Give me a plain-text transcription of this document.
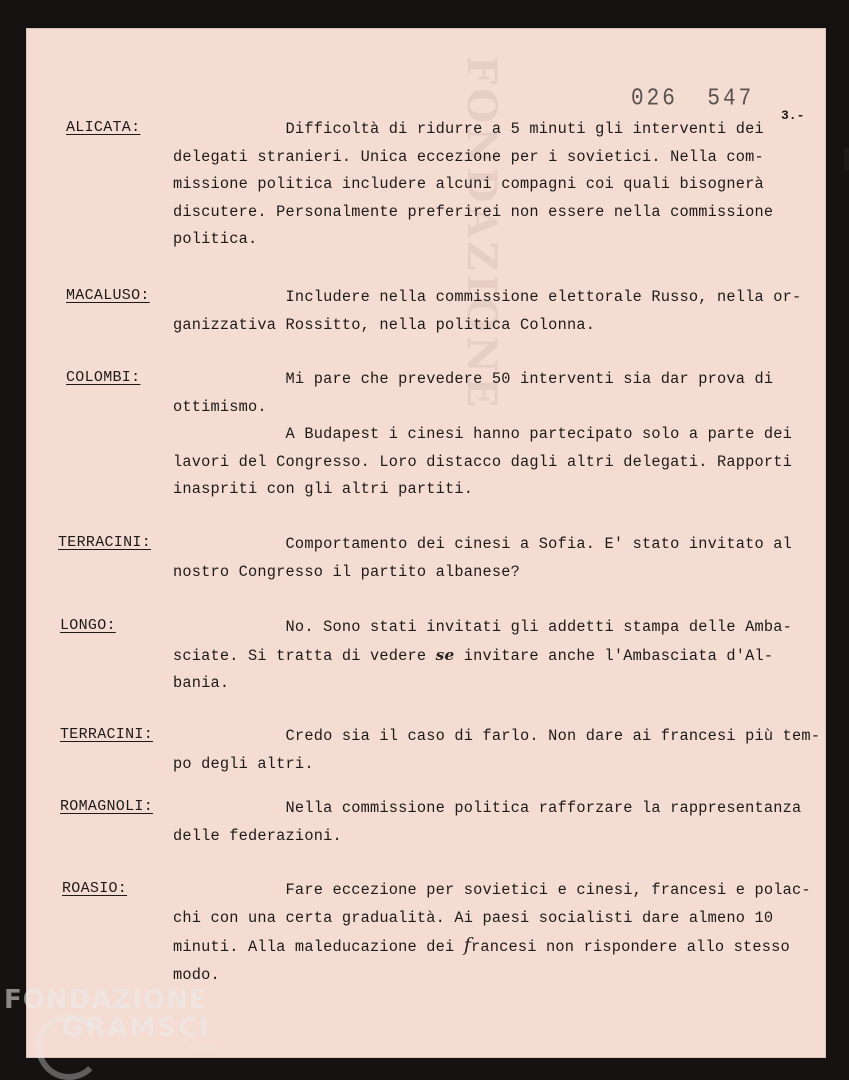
FONDAZIONE	026 547
3.-
ALICATA:	Difficoltà di ridurre a 5 minuti gli interventi dei
delegati stranieri. Unica eccezione per i sovietici. Nella com-
missione politica includere alcuni compagni coi quali bisognerà
discutere. Personalmente preferirei non essere nella commissione
politica.

MACALUSO:	Includere nella commissione elettorale Russo, nella or-
ganizzativa Rossitto, nella politica Colonna.

COLOMBI:	Mi pare che prevedere 50 interventi sia dar prova di
ottimismo.

A Budapest i cinesi hanno partecipato solo a parte dei
lavori del Congresso. Loro distacco dagli altri delegati. Rapporti
inaspriti con gli altri partiti.

TERRACINI:	Comportamento dei cinesi a Sofia. E' stato invitato al
nostro Congresso il partito albanese?

LONGO:	No. Sono stati invitati gli addetti stampa delle Amba-
sciate. Si tratta di vedere se invitare anche l'Ambasciata d'Al-
bania.

TERRACINI:	Credo sia il caso di farlo. Non dare ai francesi più tem-
po degli altri.

ROMAGNOLI:	Nella commissione politica rafforzare la rappresentanza
delle federazioni.

ROASIO:	Fare eccezione per sovietici e cinesi, francesi e polac-
chi con una certa gradualità. Ai paesi socialisti dare almeno 10
minuti. Alla maleducazione dei francesi non rispondere allo stesso
modo.

FONDAZIONE
GRAMSCI
onlus
